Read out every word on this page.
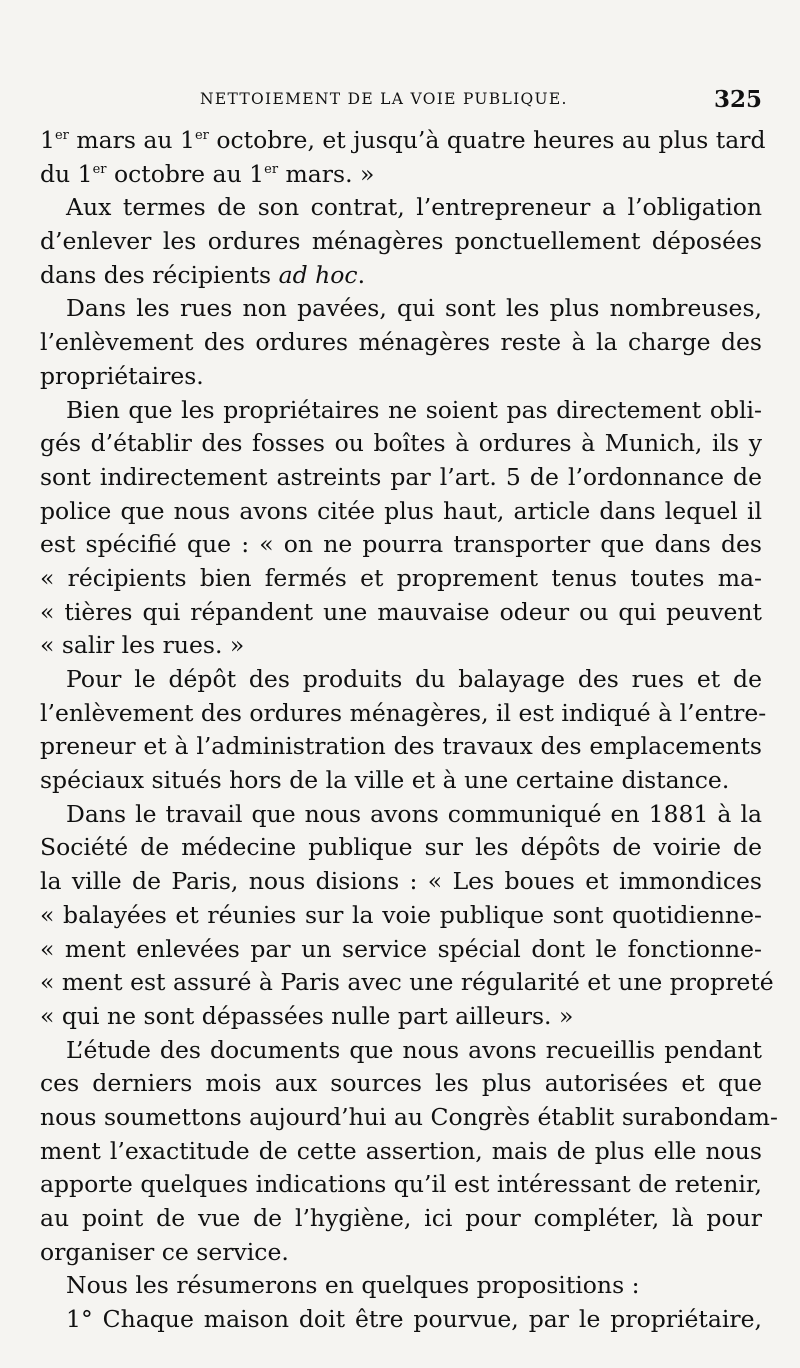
NETTOIEMENT DE LA VOIE PUBLIQUE.	325
1er mars au 1er octobre, et jusqu’à quatre heures au plus tard
du 1er octobre au 1er mars. »
Aux termes de son contrat, l’entrepreneur a l’obligation
d’enlever les ordures ménagères ponctuellement déposées
dans des récipients ad hoc.
Dans les rues non pavées, qui sont les plus nombreuses,
l’enlèvement des ordures ménagères reste à la charge des
propriétaires.
Bien que les propriétaires ne soient pas directement obli-
gés d’établir des fosses ou boîtes à ordures à Munich, ils y
sont indirectement astreints par l’art. 5 de l’ordonnance de
police que nous avons citée plus haut, article dans lequel il
est spécifié que : « on ne pourra transporter que dans des
« récipients bien fermés et proprement tenus toutes ma-
« tières qui répandent une mauvaise odeur ou qui peuvent
« salir les rues. »
Pour le dépôt des produits du balayage des rues et de
l’enlèvement des ordures ménagères, il est indiqué à l’entre-
preneur et à l’administration des travaux des emplacements
spéciaux situés hors de la ville et à une certaine distance.
Dans le travail que nous avons communiqué en 1881 à la
Société de médecine publique sur les dépôts de voirie de
la ville de Paris, nous disions : « Les boues et immondices
« balayées et réunies sur la voie publique sont quotidienne-
« ment enlevées par un service spécial dont le fonctionne-
« ment est assuré à Paris avec une régularité et une propreté
« qui ne sont dépassées nulle part ailleurs. »
L’étude des documents que nous avons recueillis pendant
ces derniers mois aux sources les plus autorisées et que
nous soumettons aujourd’hui au Congrès établit surabondam-
ment l’exactitude de cette assertion, mais de plus elle nous
apporte quelques indications qu’il est intéressant de retenir,
au point de vue de l’hygiène, ici pour compléter, là pour
organiser ce service.
Nous les résumerons en quelques propositions :
1° Chaque maison doit être pourvue, par le propriétaire,
